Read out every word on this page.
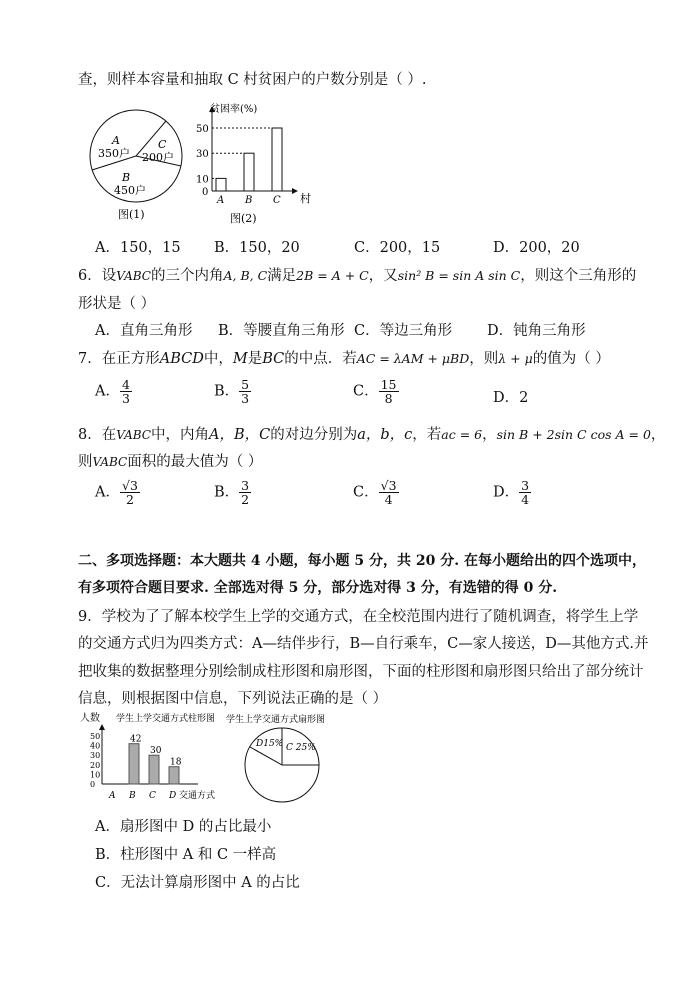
查，则样本容量和抽取 C 村贫困户的户数分别是（ ）.
A
350户
C
200户
B
450户
图(1)
贫困率(%)
村
0
10
A
30
B
50
C
图(2)
A．150，15 B．150，20	C．200，15	D．200，20
6．设VABC的三个内角A, B, C满足2B = A + C，又sin² B = sin A sin C，则这个三角形的
形状是（ ）
A．直角三角形 B．等腰直角三角形 C．等边三角形 D．钝角三角形
7．在正方形ABCD中，M是BC的中点．若AC = λAM + μBD，则λ + μ的值为（ ）
A． $\frac{4}{3}$	B． $\frac{5}{3}$	C． $\frac{15}{8}$	D．2
8．在VABC中，内角A，B，C的对边分别为a，b，c，若ac = 6，sin B + 2sin C cos A = 0，
则VABC面积的最大值为（ ）
A． $\frac{√3}{2}$	B． $\frac{3}{2}$	C． $\frac{√3}{4}$	D． $\frac{3}{4}$
二、多项选择题：本大题共 4 小题，每小题 5 分，共 20 分. 在每小题给出的四个选项中，
有多项符合题目要求. 全部选对得 5 分，部分选对得 3 分，有选错的得 0 分.
9．学校为了了解本校学生上学的交通方式，在全校范围内进行了随机调查，将学生上学
的交通方式归为四类方式：A—结伴步行，B—自行乘车，C—家人接送，D—其他方式.并
把收集的数据整理分别绘制成柱形图和扇形图，下面的柱形图和扇形图只给出了部分统计
信息，则根据图中信息，下列说法正确的是（ ）
人数 学生上学交通方式柱形图
0
10
20
30
40
50
A B
42
C
30
D
18
交通方式
学生上学交通方式扇形图
D15% C 25%
A．扇形图中 D 的占比最小
B．柱形图中 A 和 C 一样高
C．无法计算扇形图中 A 的占比
